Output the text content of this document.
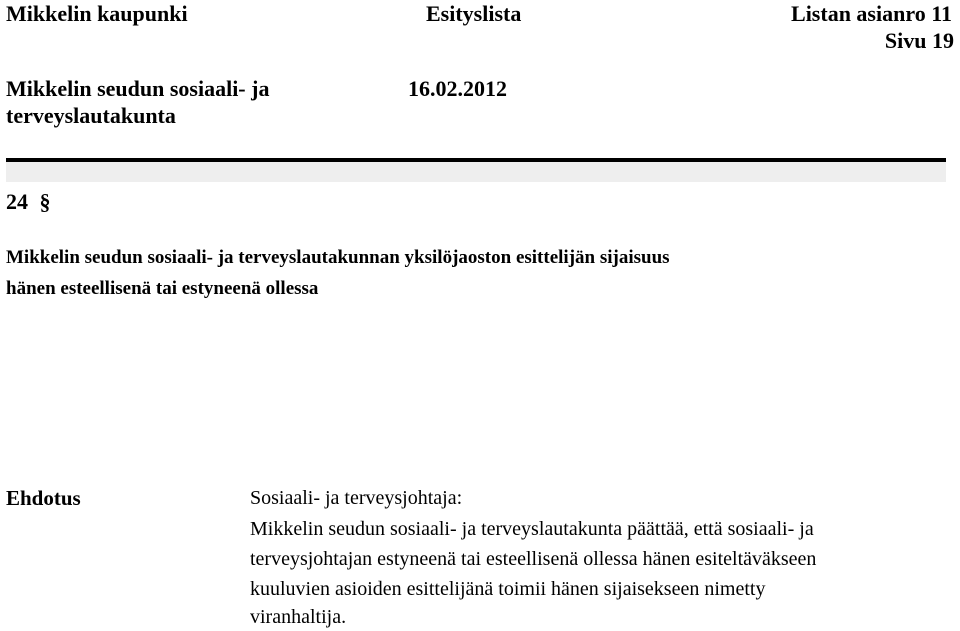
Mikkelin kaupunki	Esityslista	Listan asianro 11
Sivu 19
Mikkelin seudun sosiaali- ja
terveyslautakunta
16.02.2012
24 §
Mikkelin seudun sosiaali- ja terveyslautakunnan yksilöjaoston esittelijän sijaisuus
hänen esteellisenä tai estyneenä ollessa
Ehdotus	Sosiaali- ja terveysjohtaja:
Mikkelin seudun sosiaali- ja terveyslautakunta päättää, että sosiaali- ja
terveysjohtajan estyneenä tai esteellisenä ollessa hänen esiteltäväkseen
kuuluvien asioiden esittelijänä toimii hänen sijaisekseen nimetty
viranhaltija.
